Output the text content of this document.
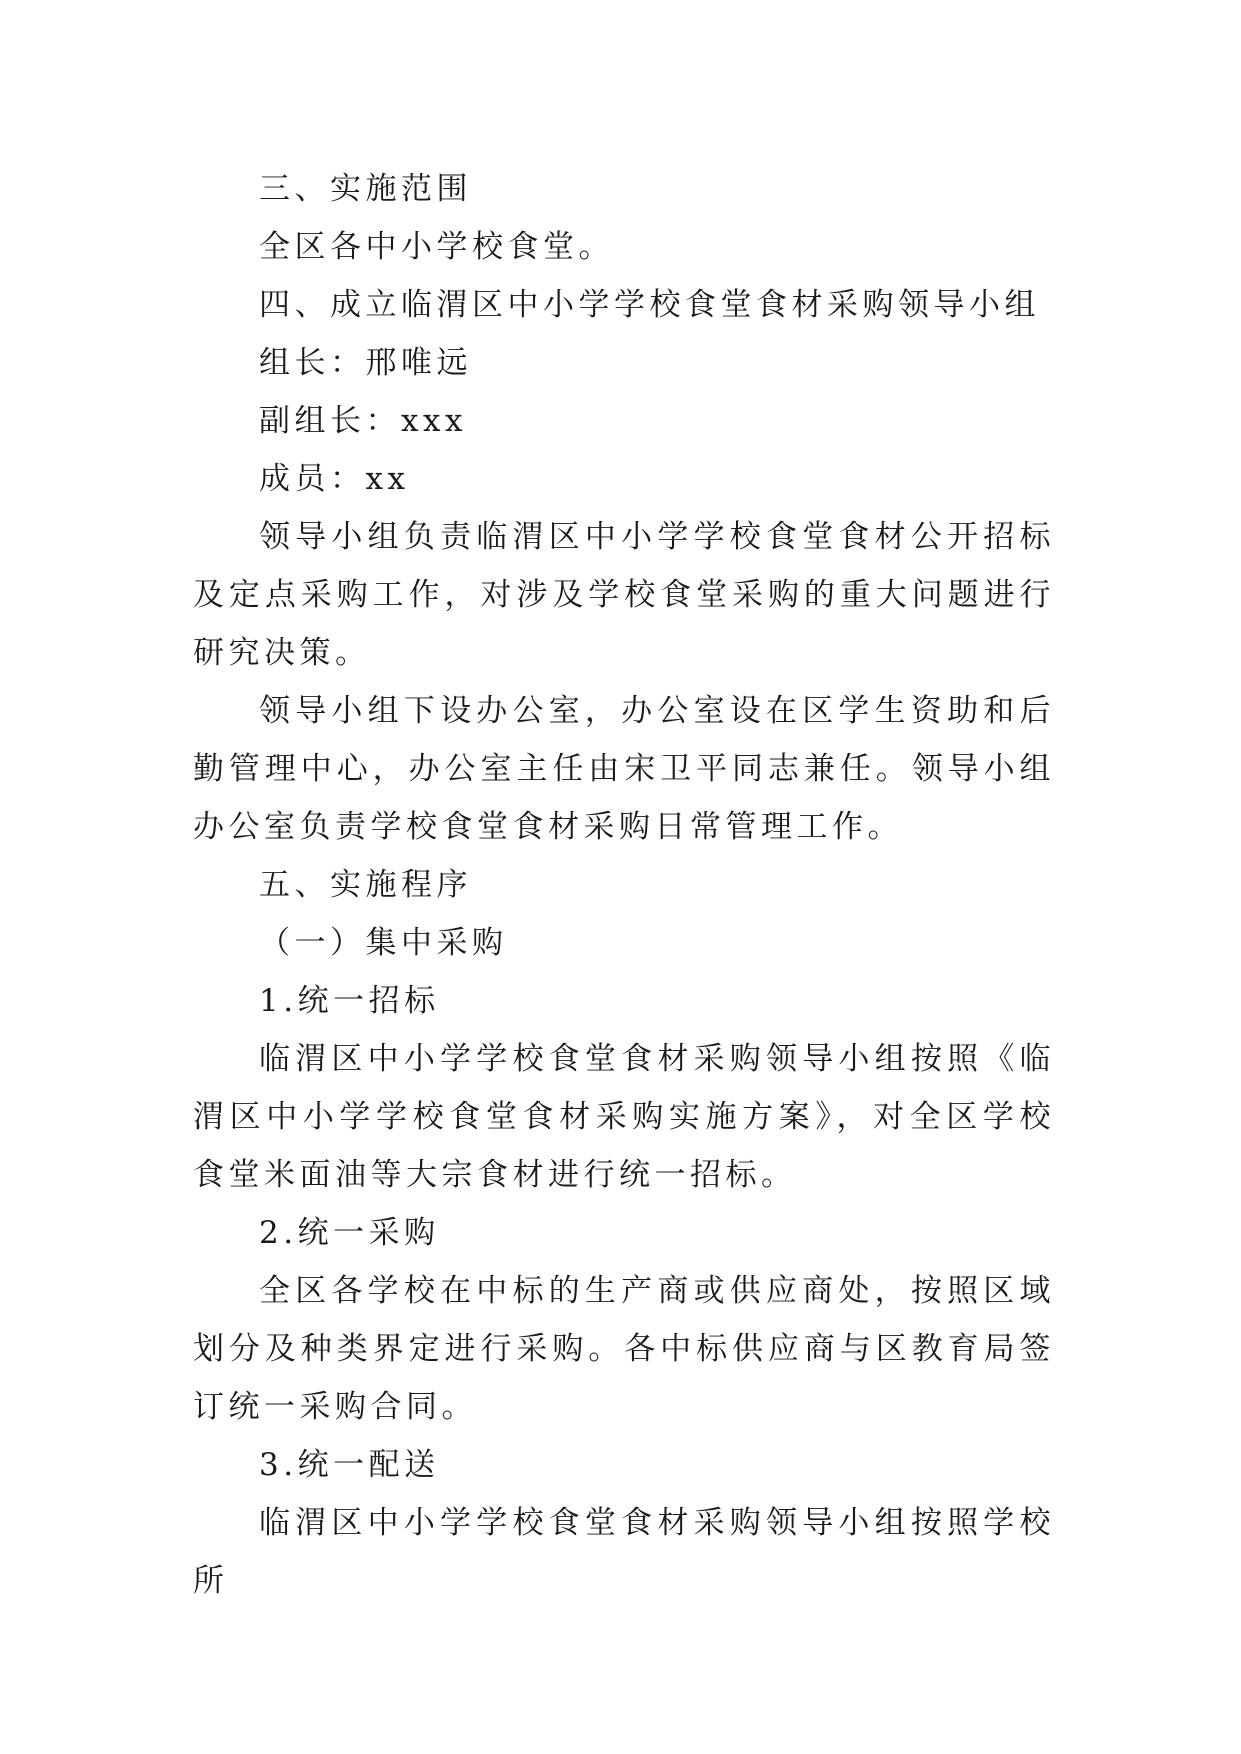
三、实施范围

全区各中小学校食堂。

四、成立临渭区中小学学校食堂食材采购领导小组

组长：邢唯远

副组长：xxx

成员：xx

领导小组负责临渭区中小学学校食堂食材公开招标及定点采购工作，对涉及学校食堂采购的重大问题进行研究决策。

领导小组下设办公室，办公室设在区学生资助和后勤管理中心，办公室主任由宋卫平同志兼任。领导小组办公室负责学校食堂食材采购日常管理工作。

五、实施程序

（一）集中采购

1.统一招标

临渭区中小学学校食堂食材采购领导小组按照《临渭区中小学学校食堂食材采购实施方案》，对全区学校食堂米面油等大宗食材进行统一招标。

2.统一采购

全区各学校在中标的生产商或供应商处，按照区域划分及种类界定进行采购。各中标供应商与区教育局签订统一采购合同。

3.统一配送

临渭区中小学学校食堂食材采购领导小组按照学校所
